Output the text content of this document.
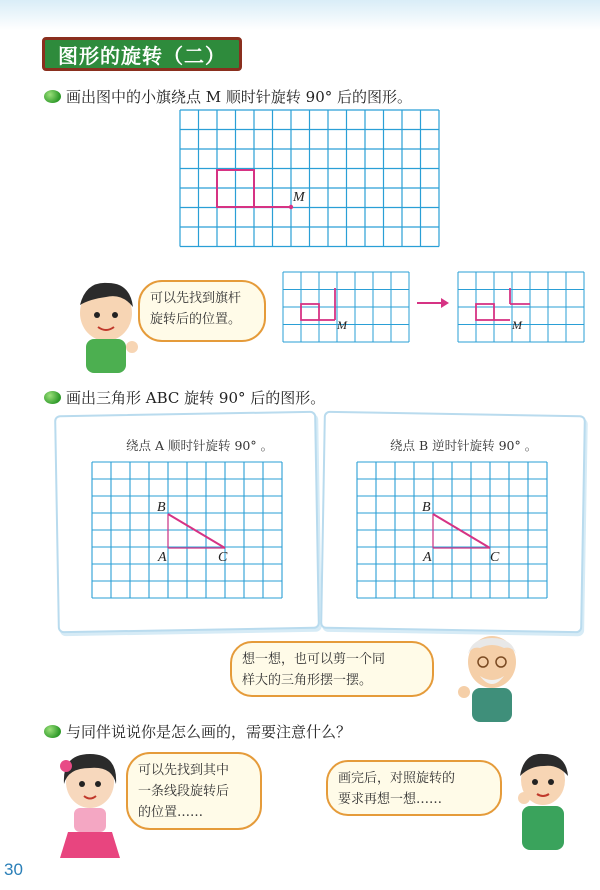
图形的旋转（二）
画出图中的小旗绕点 M 顺时针旋转 90° 后的图形。
M
可以先找到旗杆
旋转后的位置。	M	M
画出三角形 ABC 旋转 90° 后的图形。
绕点 A 顺时针旋转 90° 。	绕点 B 逆时针旋转 90° 。
B
A	C
B
A	C
想一想，也可以剪一个同
样大的三角形摆一摆。
与同伴说说你是怎么画的，需要注意什么？
可以先找到其中
一条线段旋转后
的位置……
画完后，对照旋转的
要求再想一想……
30
